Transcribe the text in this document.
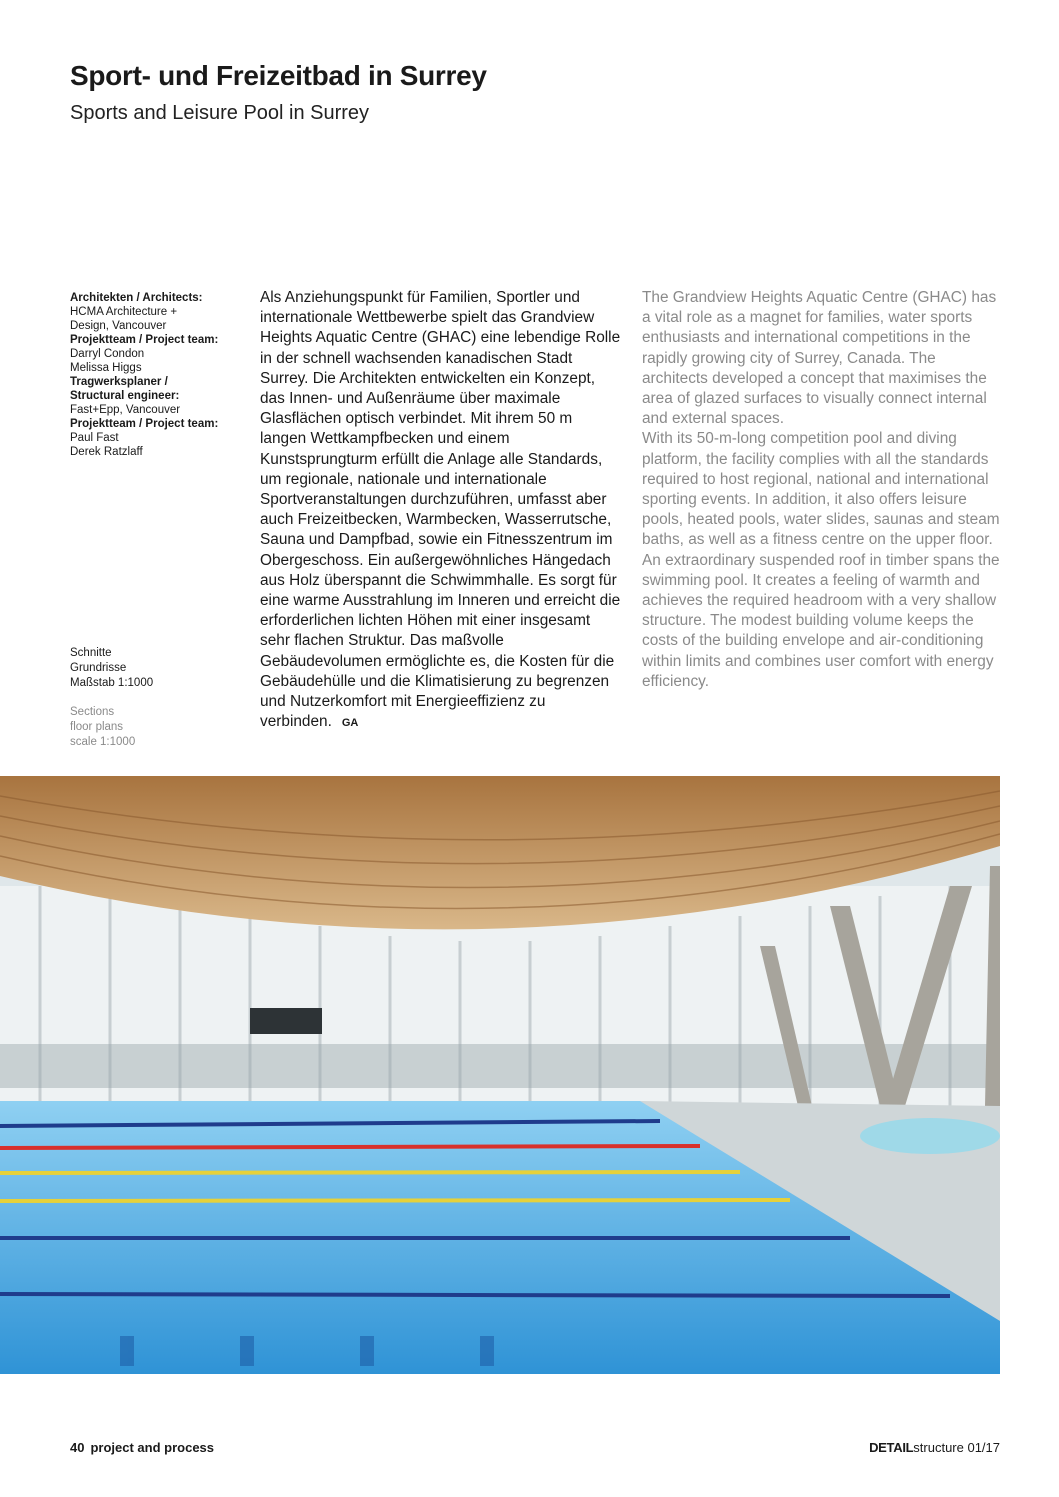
Sport- und Freizeitbad in Surrey
Sports and Leisure Pool in Surrey
Architekten / Architects:
HCMA Architecture +
Design, Vancouver
Projektteam / Project team:
Darryl Condon
Melissa Higgs
Tragwerksplaner /
Structural engineer:
Fast+Epp, Vancouver
Projektteam / Project team:
Paul Fast
Derek Ratzlaff
Schnitte
Grundrisse
Maßstab 1:1000
Sections
floor plans
scale 1:1000

Als Anziehungspunkt für Familien, Sportler und internationale Wettbewerbe spielt das Grandview Heights Aquatic Centre (GHAC) eine lebendige Rolle in der schnell wachsenden kanadischen Stadt Surrey. Die Architekten entwickelten ein Konzept, das Innen- und Außenräume über maximale Glasflächen optisch verbindet. Mit ihrem 50 m langen Wettkampfbecken und einem Kunstsprungturm erfüllt die Anlage alle Standards, um regionale, nationale und internationale Sportveranstaltungen durchzuführen, umfasst aber auch Freizeitbecken, Warmbecken, Wasserrutsche, Sauna und Dampfbad, sowie ein Fitnesszentrum im Obergeschoss. Ein außergewöhnliches Hängedach aus Holz überspannt die Schwimmhalle. Es sorgt für eine warme Ausstrahlung im Inneren und erreicht die erforderlichen lichten Höhen mit einer insgesamt sehr flachen Struktur. Das maßvolle Gebäudevolumen ermöglichte es, die Kosten für die Gebäudehülle und die Klimatisierung zu begrenzen und Nutzerkomfort mit Energieeffizienz zu verbinden. GA

The Grandview Heights Aquatic Centre (GHAC) has a vital role as a magnet for families, water sports enthusiasts and international competitions in the rapidly growing city of Surrey, Canada. The architects developed a concept that maximises the area of glazed surfaces to visually connect internal and external spaces.

With its 50-m-long competition pool and diving platform, the facility complies with all the standards required to host regional, national and international sporting events. In addition, it also offers leisure pools, heated pools, water slides, saunas and steam baths, as well as a fitness centre on the upper floor. An extraordinary suspended roof in timber spans the swimming pool. It creates a feeling of warmth and achieves the required headroom with a very shallow structure. The modest building volume keeps the costs of the building envelope and air-conditioning within limits and combines user comfort with energy efficiency.

40 project and process	DETAILstructure 01/17
